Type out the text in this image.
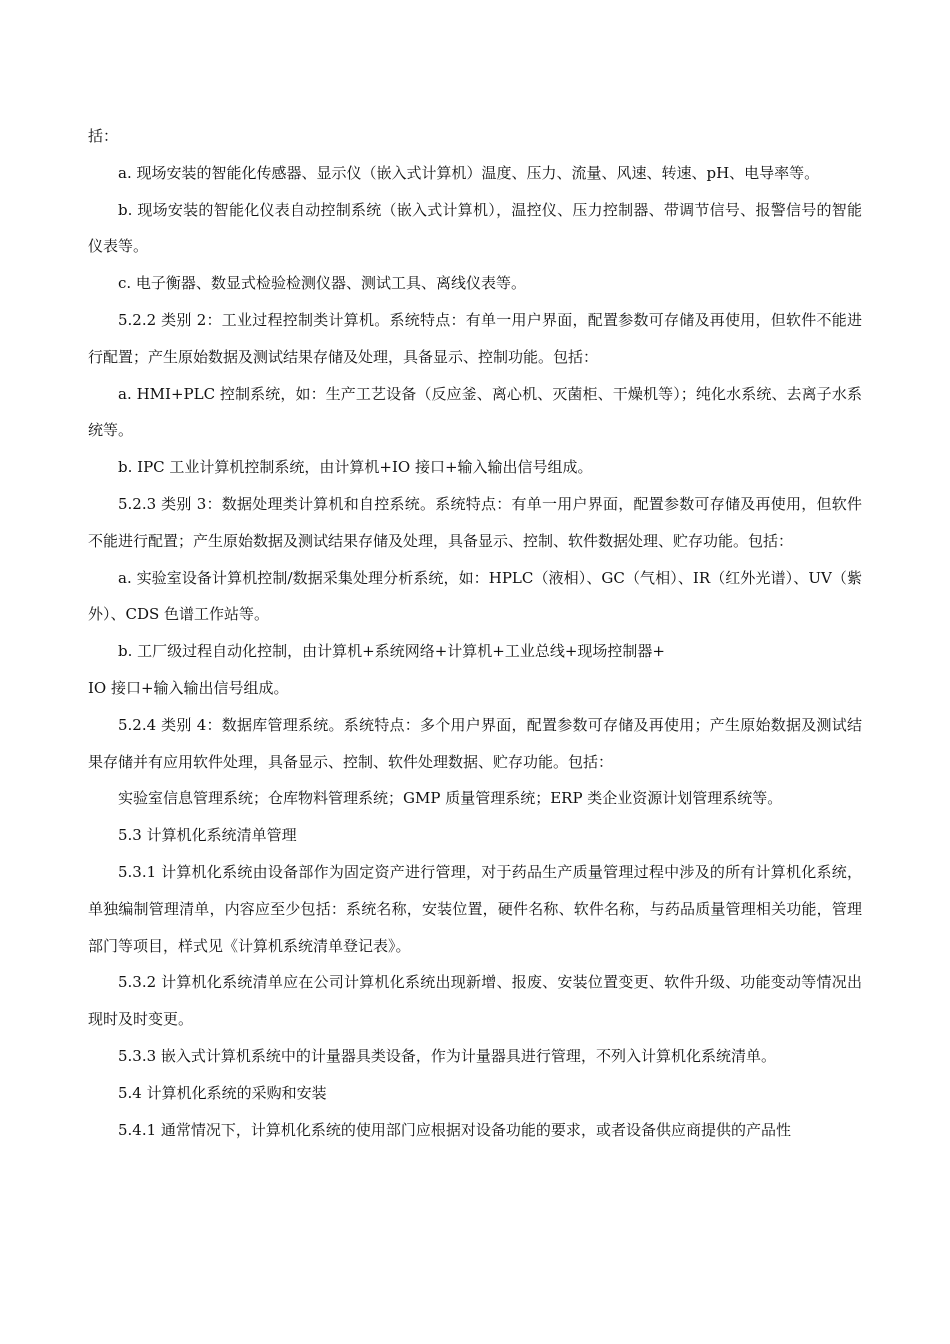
括：

a. 现场安装的智能化传感器、显示仪（嵌入式计算机）温度、压力、流量、风速、转速、pH、电导率等。

b. 现场安装的智能化仪表自动控制系统（嵌入式计算机），温控仪、压力控制器、带调节信号、报警信号的智能仪表等。

c. 电子衡器、数显式检验检测仪器、测试工具、离线仪表等。

5.2.2 类别 2：工业过程控制类计算机。系统特点：有单一用户界面，配置参数可存储及再使用，但软件不能进行配置；产生原始数据及测试结果存储及处理，具备显示、控制功能。包括：

a. HMI+PLC 控制系统，如：生产工艺设备（反应釜、离心机、灭菌柜、干燥机等）；纯化水系统、去离子水系统等。

b. IPC 工业计算机控制系统，由计算机+IO 接口+输入输出信号组成。

5.2.3 类别 3：数据处理类计算机和自控系统。系统特点：有单一用户界面，配置参数可存储及再使用，但软件不能进行配置；产生原始数据及测试结果存储及处理，具备显示、控制、软件数据处理、贮存功能。包括：

a. 实验室设备计算机控制/数据采集处理分析系统，如：HPLC（液相）、GC（气相）、IR（红外光谱）、UV（紫外）、CDS 色谱工作站等。

b. 工厂级过程自动化控制，由计算机+系统网络+计算机+工业总线+现场控制器+

IO 接口+输入输出信号组成。

5.2.4 类别 4：数据库管理系统。系统特点：多个用户界面，配置参数可存储及再使用；产生原始数据及测试结果存储并有应用软件处理，具备显示、控制、软件处理数据、贮存功能。包括：

实验室信息管理系统；仓库物料管理系统；GMP 质量管理系统；ERP 类企业资源计划管理系统等。

5.3 计算机化系统清单管理

5.3.1 计算机化系统由设备部作为固定资产进行管理，对于药品生产质量管理过程中涉及的所有计算机化系统，单独编制管理清单，内容应至少包括：系统名称，安装位置，硬件名称、软件名称，与药品质量管理相关功能，管理部门等项目，样式见《计算机系统清单登记表》。

5.3.2 计算机化系统清单应在公司计算机化系统出现新增、报废、安装位置变更、软件升级、功能变动等情况出现时及时变更。

5.3.3 嵌入式计算机系统中的计量器具类设备，作为计量器具进行管理，不列入计算机化系统清单。

5.4 计算机化系统的采购和安装

5.4.1 通常情况下，计算机化系统的使用部门应根据对设备功能的要求，或者设备供应商提供的产品性
